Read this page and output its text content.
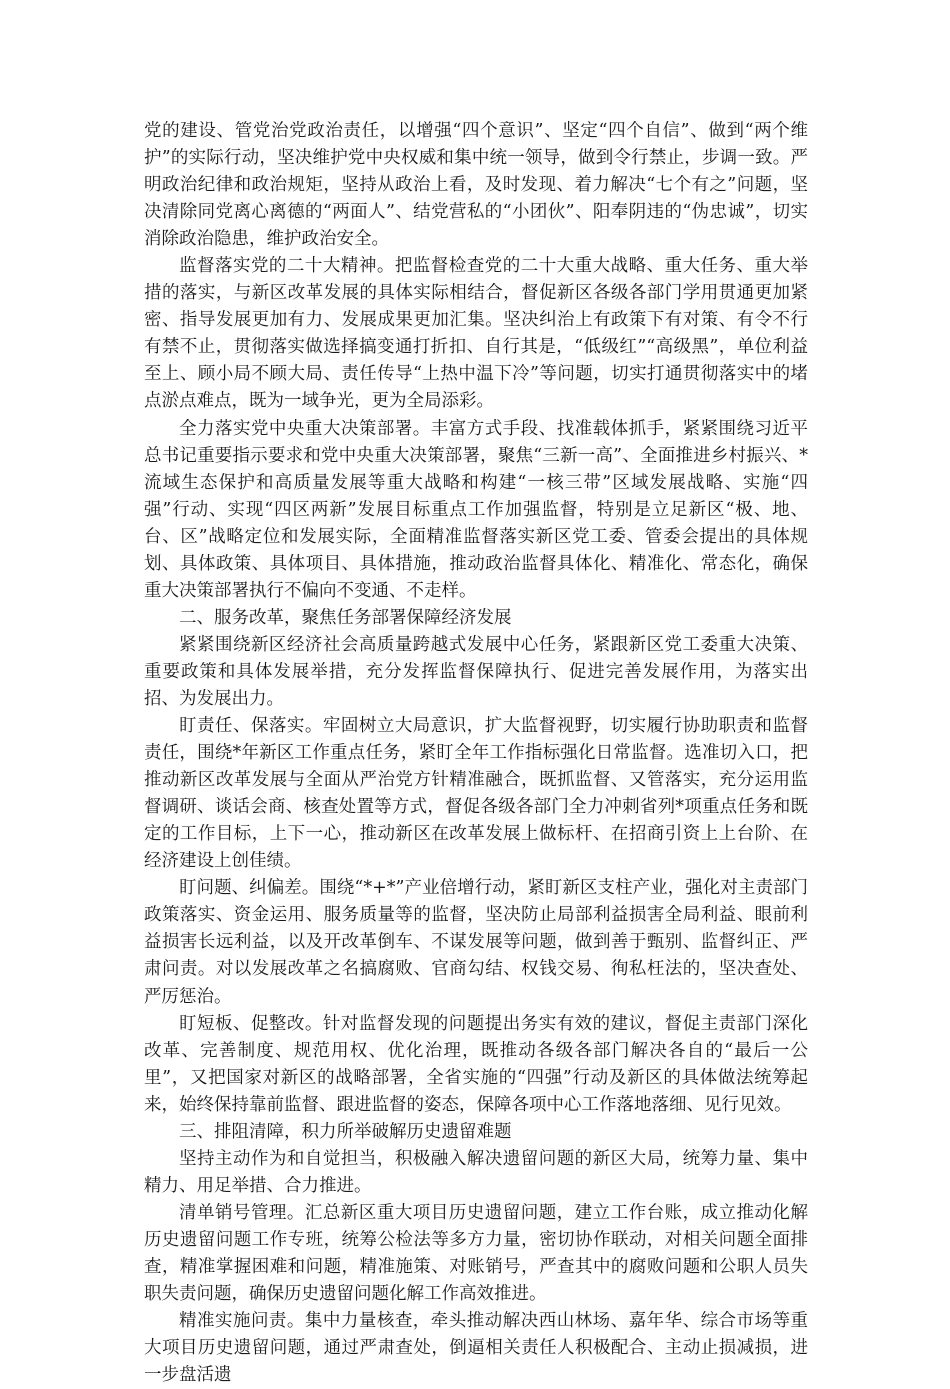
党的建设、管党治党政治责任，以增强“四个意识”、坚定“四个自信”、做到“两个维护”的实际行动，坚决维护党中央权威和集中统一领导，做到令行禁止，步调一致。严明政治纪律和政治规矩，坚持从政治上看，及时发现、着力解决“七个有之”问题，坚决清除同党离心离德的“两面人”、结党营私的“小团伙”、阳奉阴违的“伪忠诚”，切实消除政治隐患，维护政治安全。

监督落实党的二十大精神。把监督检查党的二十大重大战略、重大任务、重大举措的落实，与新区改革发展的具体实际相结合，督促新区各级各部门学用贯通更加紧密、指导发展更加有力、发展成果更加汇集。坚决纠治上有政策下有对策、有令不行有禁不止，贯彻落实做选择搞变通打折扣、自行其是，“低级红”“高级黑”，单位利益至上、顾小局不顾大局、责任传导“上热中温下冷”等问题，切实打通贯彻落实中的堵点淤点难点，既为一域争光，更为全局添彩。

全力落实党中央重大决策部署。丰富方式手段、找准载体抓手，紧紧围绕习近平总书记重要指示要求和党中央重大决策部署，聚焦“三新一高”、全面推进乡村振兴、*流域生态保护和高质量发展等重大战略和构建“一核三带”区域发展战略、实施“四强”行动、实现“四区两新”发展目标重点工作加强监督，特别是立足新区“极、地、台、区”战略定位和发展实际，全面精准监督落实新区党工委、管委会提出的具体规划、具体政策、具体项目、具体措施，推动政治监督具体化、精准化、常态化，确保重大决策部署执行不偏向不变通、不走样。

二、服务改革，聚焦任务部署保障经济发展

紧紧围绕新区经济社会高质量跨越式发展中心任务，紧跟新区党工委重大决策、重要政策和具体发展举措，充分发挥监督保障执行、促进完善发展作用，为落实出招、为发展出力。

盯责任、保落实。牢固树立大局意识，扩大监督视野，切实履行协助职责和监督责任，围绕*年新区工作重点任务，紧盯全年工作指标强化日常监督。选准切入口，把推动新区改革发展与全面从严治党方针精准融合，既抓监督、又管落实，充分运用监督调研、谈话会商、核查处置等方式，督促各级各部门全力冲刺省列*项重点任务和既定的工作目标，上下一心，推动新区在改革发展上做标杆、在招商引资上上台阶、在经济建设上创佳绩。

盯问题、纠偏差。围绕“*+*”产业倍增行动，紧盯新区支柱产业，强化对主责部门政策落实、资金运用、服务质量等的监督，坚决防止局部利益损害全局利益、眼前利益损害长远利益，以及开改革倒车、不谋发展等问题，做到善于甄别、监督纠正、严肃问责。对以发展改革之名搞腐败、官商勾结、权钱交易、徇私枉法的，坚决查处、严厉惩治。

盯短板、促整改。针对监督发现的问题提出务实有效的建议，督促主责部门深化改革、完善制度、规范用权、优化治理，既推动各级各部门解决各自的“最后一公里”，又把国家对新区的战略部署，全省实施的“四强”行动及新区的具体做法统筹起来，始终保持靠前监督、跟进监督的姿态，保障各项中心工作落地落细、见行见效。

三、排阻清障，积力所举破解历史遗留难题

坚持主动作为和自觉担当，积极融入解决遗留问题的新区大局，统筹力量、集中精力、用足举措、合力推进。

清单销号管理。汇总新区重大项目历史遗留问题，建立工作台账，成立推动化解历史遗留问题工作专班，统筹公检法等多方力量，密切协作联动，对相关问题全面排查，精准掌握困难和问题，精准施策、对账销号，严查其中的腐败问题和公职人员失职失责问题，确保历史遗留问题化解工作高效推进。

精准实施问责。集中力量核查，牵头推动解决西山林场、嘉年华、综合市场等重大项目历史遗留问题，通过严肃查处，倒逼相关责任人积极配合、主动止损减损，进一步盘活遗
